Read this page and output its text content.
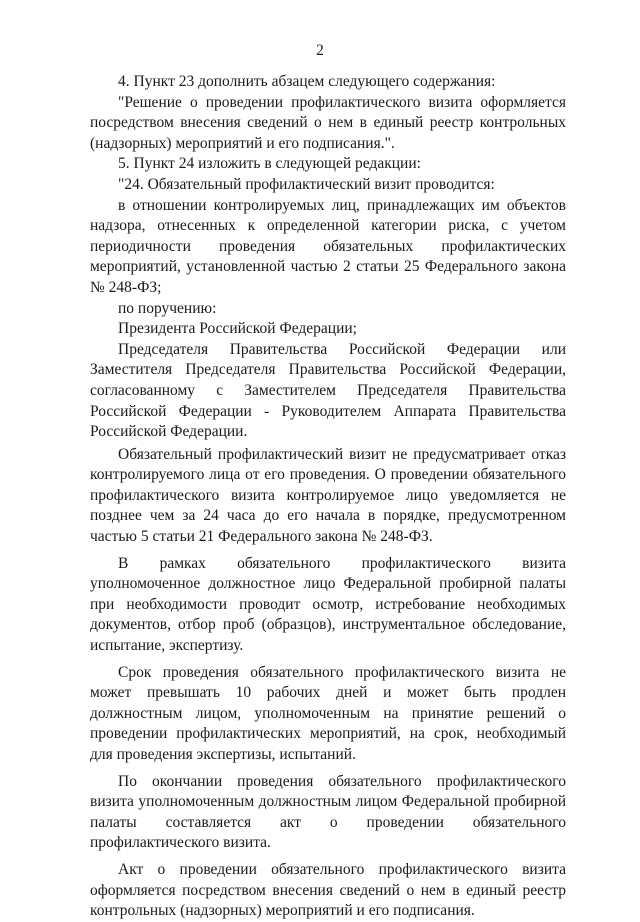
2

4. Пункт 23 дополнить абзацем следующего содержания:

"Решение о проведении профилактического визита оформляется посредством внесения сведений о нем в единый реестр контрольных (надзорных) мероприятий и его подписания.".

5. Пункт 24 изложить в следующей редакции:

"24. Обязательный профилактический визит проводится:

в отношении контролируемых лиц, принадлежащих им объектов надзора, отнесенных к определенной категории риска, с учетом периодичности проведения обязательных профилактических мероприятий, установленной частью 2 статьи 25 Федерального закона № 248-ФЗ;

по поручению:

Президента Российской Федерации;

Председателя Правительства Российской Федерации или Заместителя Председателя Правительства Российской Федерации, согласованному с Заместителем Председателя Правительства Российской Федерации - Руководителем Аппарата Правительства Российской Федерации.

Обязательный профилактический визит не предусматривает отказ контролируемого лица от его проведения. О проведении обязательного профилактического визита контролируемое лицо уведомляется не позднее чем за 24 часа до его начала в порядке, предусмотренном частью 5 статьи 21 Федерального закона № 248-ФЗ.

В рамках обязательного профилактического визита уполномоченное должностное лицо Федеральной пробирной палаты при необходимости проводит осмотр, истребование необходимых документов, отбор проб (образцов), инструментальное обследование, испытание, экспертизу.

Срок проведения обязательного профилактического визита не может превышать 10 рабочих дней и может быть продлен должностным лицом, уполномоченным на принятие решений о проведении профилактических мероприятий, на срок, необходимый для проведения экспертизы, испытаний.

По окончании проведения обязательного профилактического визита уполномоченным должностным лицом Федеральной пробирной палаты составляется акт о проведении обязательного профилактического визита.

Акт о проведении обязательного профилактического визита оформляется посредством внесения сведений о нем в единый реестр контрольных (надзорных) мероприятий и его подписания.
